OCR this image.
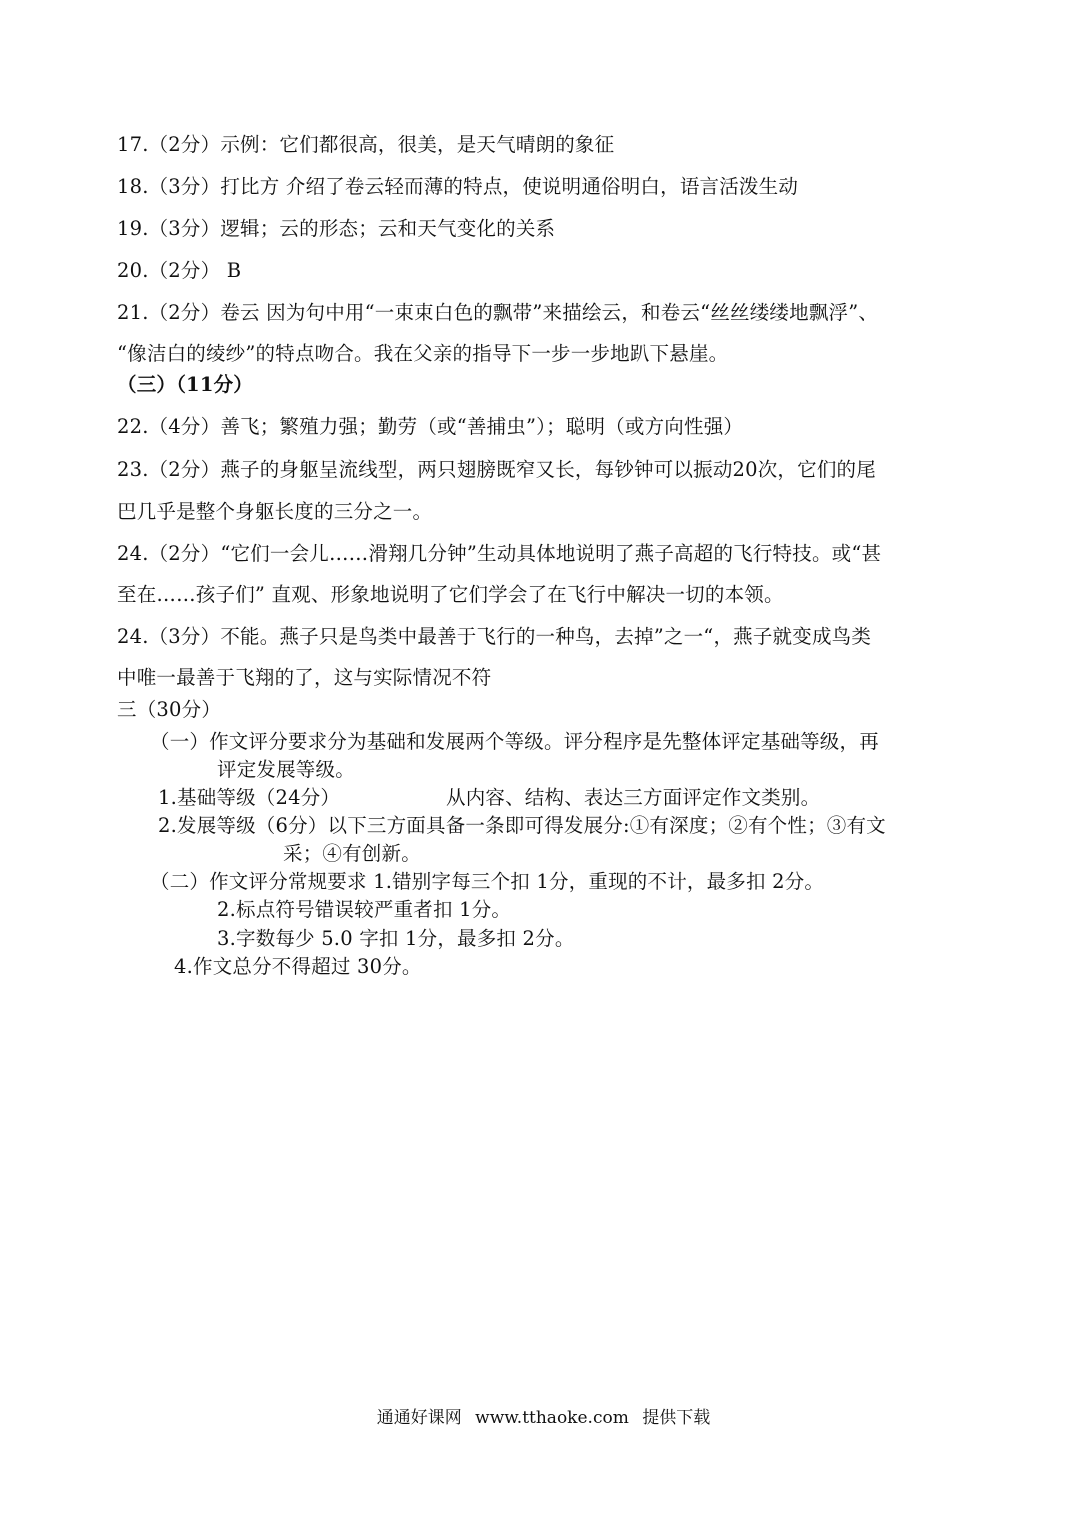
17.（2分）示例：它们都很高，很美，是天气晴朗的象征
18.（3分）打比方 介绍了卷云轻而薄的特点，使说明通俗明白，语言活泼生动
19.（3分）逻辑；云的形态；云和天气变化的关系
20.（2分） B
21.（2分）卷云 因为句中用“一束束白色的飘带”来描绘云，和卷云“丝丝缕缕地飘浮”、
“像洁白的绫纱”的特点吻合。我在父亲的指导下一步一步地趴下悬崖。
（三）（11分）
22.（4分）善飞；繁殖力强；勤劳（或“善捕虫”）；聪明（或方向性强）
23.（2分）燕子的身躯呈流线型，两只翅膀既窄又长，每钞钟可以振动20次，它们的尾
巴几乎是整个身躯长度的三分之一。
24.（2分）“它们一会儿……滑翔几分钟”生动具体地说明了燕子高超的飞行特技。或“甚
至在……孩子们” 直观、形象地说明了它们学会了在飞行中解决一切的本领。
24.（3分）不能。燕子只是鸟类中最善于飞行的一种鸟，去掉”之一“，燕子就变成鸟类
中唯一最善于飞翔的了，这与实际情况不符
三（30分）
（一）作文评分要求分为基础和发展两个等级。评分程序是先整体评定基础等级，再
评定发展等级。
1.基础等级（24分）	从内容、结构、表达三方面评定作文类别。
2.发展等级（6分）以下三方面具备一条即可得发展分:①有深度；②有个性；③有文
采；④有创新。
（二）作文评分常规要求 1.错别字每三个扣 1分，重现的不计，最多扣 2分。
2.标点符号错误较严重者扣 1分。
3.字数每少 5.0 字扣 1分，最多扣 2分。
4.作文总分不得超过 30分。
通通好课网 www.tthaoke.com 提供下载
